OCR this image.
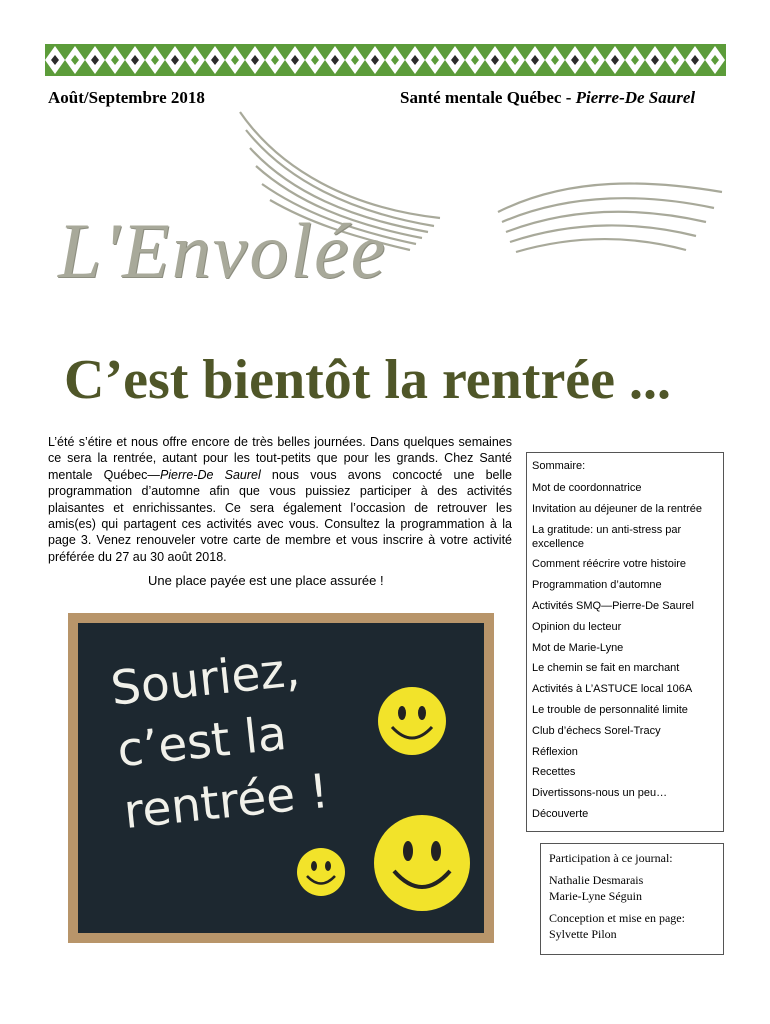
Août/Septembre 2018	Santé mentale Québec - Pierre-De Saurel
L'Envolée
C’est bientôt la rentrée ...
L’été s’étire et nous offre encore de très belles journées. Dans quelques semaines ce sera la rentrée, autant pour les tout-petits que pour les grands. Chez Santé mentale Québec—Pierre-De Saurel nous vous avons concocté une belle programmation d’automne afin que vous puissiez participer à des activités plaisantes et enrichissantes. Ce sera également l’occasion de retrouver les amis(es) qui partagent ces activités avec vous. Consultez la programmation à la page 3. Venez renouveler votre carte de membre et vous inscrire à votre activité préférée du 27 au 30 août 2018.
Une place payée est une place assurée !
Souriez,
c’est la
rentrée !
Sommaire:
Mot de coordonnatrice
Invitation au déjeuner de la rentrée
La gratitude: un anti-stress par excellence
Comment réécrire votre histoire
Programmation d’automne
Activités SMQ—Pierre-De Saurel
Opinion du lecteur
Mot de Marie-Lyne
Le chemin se fait en marchant
Activités à L’ASTUCE local 106A
Le trouble de personnalité limite
Club d’échecs Sorel-Tracy
Réflexion
Recettes
Divertissons-nous un peu…
Découverte

Participation à ce journal:

Nathalie Desmarais

Marie-Lyne Séguin

Conception et mise en page:

Sylvette Pilon
